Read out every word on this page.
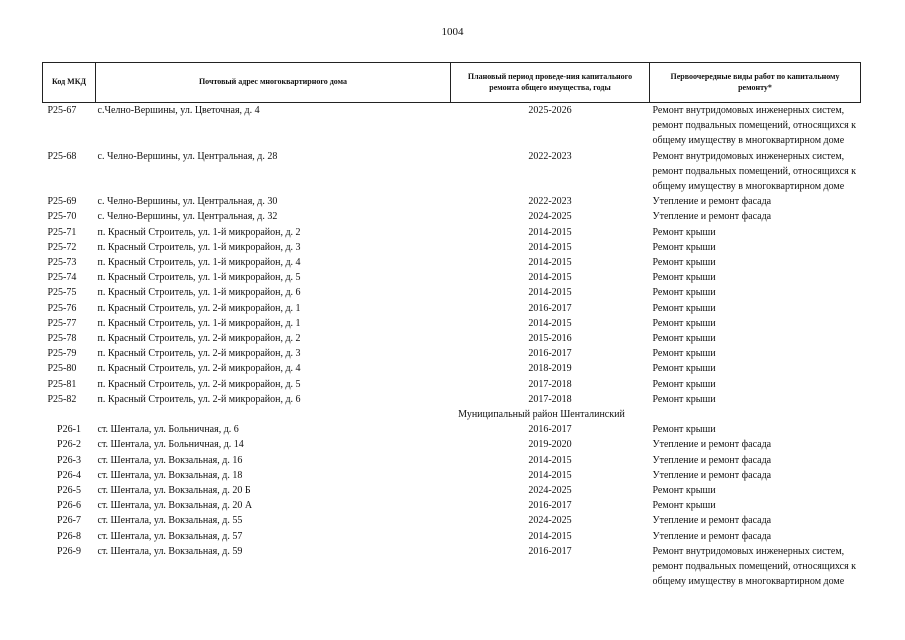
1004
Код МКД	Почтовый адрес многоквартирного дома	Плановый период проведе-ния капитального ремонта общего имущества, годы	Первоочередные виды работ по капитальному ремонту*
Р25-67	с.Челно-Вершины, ул. Цветочная, д. 4	2025-2026	Ремонт внутридомовых инженерных систем, ремонт подвальных помещений, относящихся к общему имуществу в многоквартирном доме
Р25-68	с. Челно-Вершины, ул. Центральная, д. 28	2022-2023	Ремонт внутридомовых инженерных систем, ремонт подвальных помещений, относящихся к общему имуществу в многоквартирном доме
Р25-69	с. Челно-Вершины, ул. Центральная, д. 30	2022-2023	Утепление и ремонт фасада
Р25-70	с. Челно-Вершины, ул. Центральная, д. 32	2024-2025	Утепление и ремонт фасада
Р25-71	п. Красный Строитель, ул. 1-й микрорайон, д. 2	2014-2015	Ремонт крыши
Р25-72	п. Красный Строитель, ул. 1-й микрорайон, д. 3	2014-2015	Ремонт крыши
Р25-73	п. Красный Строитель, ул. 1-й микрорайон, д. 4	2014-2015	Ремонт крыши
Р25-74	п. Красный Строитель, ул. 1-й микрорайон, д. 5	2014-2015	Ремонт крыши
Р25-75	п. Красный Строитель, ул. 1-й микрорайон, д. 6	2014-2015	Ремонт крыши
Р25-76	п. Красный Строитель, ул. 2-й микрорайон, д. 1	2016-2017	Ремонт крыши
Р25-77	п. Красный Строитель, ул. 1-й микрорайон, д. 1	2014-2015	Ремонт крыши
Р25-78	п. Красный Строитель, ул. 2-й микрорайон, д. 2	2015-2016	Ремонт крыши
Р25-79	п. Красный Строитель, ул. 2-й микрорайон, д. 3	2016-2017	Ремонт крыши
Р25-80	п. Красный Строитель, ул. 2-й микрорайон, д. 4	2018-2019	Ремонт крыши
Р25-81	п. Красный Строитель, ул. 2-й микрорайон, д. 5	2017-2018	Ремонт крыши
Р25-82	п. Красный Строитель, ул. 2-й микрорайон, д. 6	2017-2018	Ремонт крыши
Муниципальный район Шенталинский			
Р26-1	ст. Шентала, ул. Больничная, д. 6	2016-2017	Ремонт крыши
Р26-2	ст. Шентала, ул. Больничная, д. 14	2019-2020	Утепление и ремонт фасада
Р26-3	ст. Шентала, ул. Вокзальная, д. 16	2014-2015	Утепление и ремонт фасада
Р26-4	ст. Шентала, ул. Вокзальная, д. 18	2014-2015	Утепление и ремонт фасада
Р26-5	ст. Шентала, ул. Вокзальная, д. 20 Б	2024-2025	Ремонт крыши
Р26-6	ст. Шентала, ул. Вокзальная, д. 20 А	2016-2017	Ремонт крыши
Р26-7	ст. Шентала, ул. Вокзальная, д. 55	2024-2025	Утепление и ремонт фасада
Р26-8	ст. Шентала, ул. Вокзальная, д. 57	2014-2015	Утепление и ремонт фасада
Р26-9	ст. Шентала, ул. Вокзальная, д. 59	2016-2017	Ремонт внутридомовых инженерных систем, ремонт подвальных помещений, относящихся к общему имуществу в многоквартирном доме
